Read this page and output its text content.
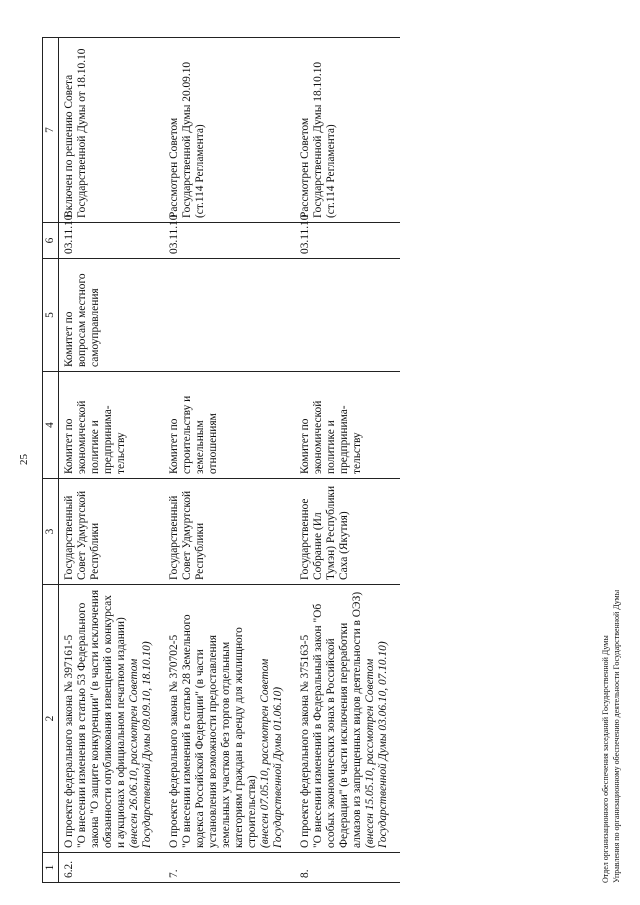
25
1	2	3	4	5	6	7
6.2.	О проекте федерального закона № 397161-5 "О внесении изменения в статью 53 Федерального закона "О защите конкуренции" (в части исключения обязанности опубликования извещений о конкурсах и аукционах в официальном печатном издании) (внесен 26.06.10, рассмотрен Советом Государственной Думы 09.09.10, 18.10.10)	Государственный Совет Удмуртской Республики	Комитет по экономической политике и предпринима-тельству	Комитет по вопросам местного самоуправления	03.11.10	Включен по решению Совета Государственной Думы от 18.10.10
7.	О проекте федерального закона № 370702-5 "О внесении изменений в статью 28 Земельного кодекса Российской Федерации" (в части установления возможности предоставления земельных участков без торгов отдельным категориям граждан в аренду для жилищного строительства) (внесен 07.05.10, рассмотрен Советом Государственной Думы 01.06.10)	Государственный Совет Удмуртской Республики	Комитет по строительству и земельным отношениям		03.11.10	Рассмотрен Советом Государственной Думы 20.09.10 (ст.114 Регламента)
8.	О проекте федерального закона № 375163-5 "О внесении изменений в Федеральный закон "Об особых экономических зонах в Российской Федерации" (в части исключения переработки алмазов из запрещенных видов деятельности в ОЭЗ) (внесен 15.05.10, рассмотрен Советом Государственной Думы 03.06.10, 07.10.10)	Государственное Собрание (Ил Тумэн) Республики Саха (Якутия)	Комитет по экономической политике и предпринима-тельству		03.11.10	Рассмотрен Советом Государственной Думы 18.10.10 (ст.114 Регламента)
Отдел организационного обеспечения заседаний Государственной Думы Управления по организационному обеспечению деятельности Государственной Думы
